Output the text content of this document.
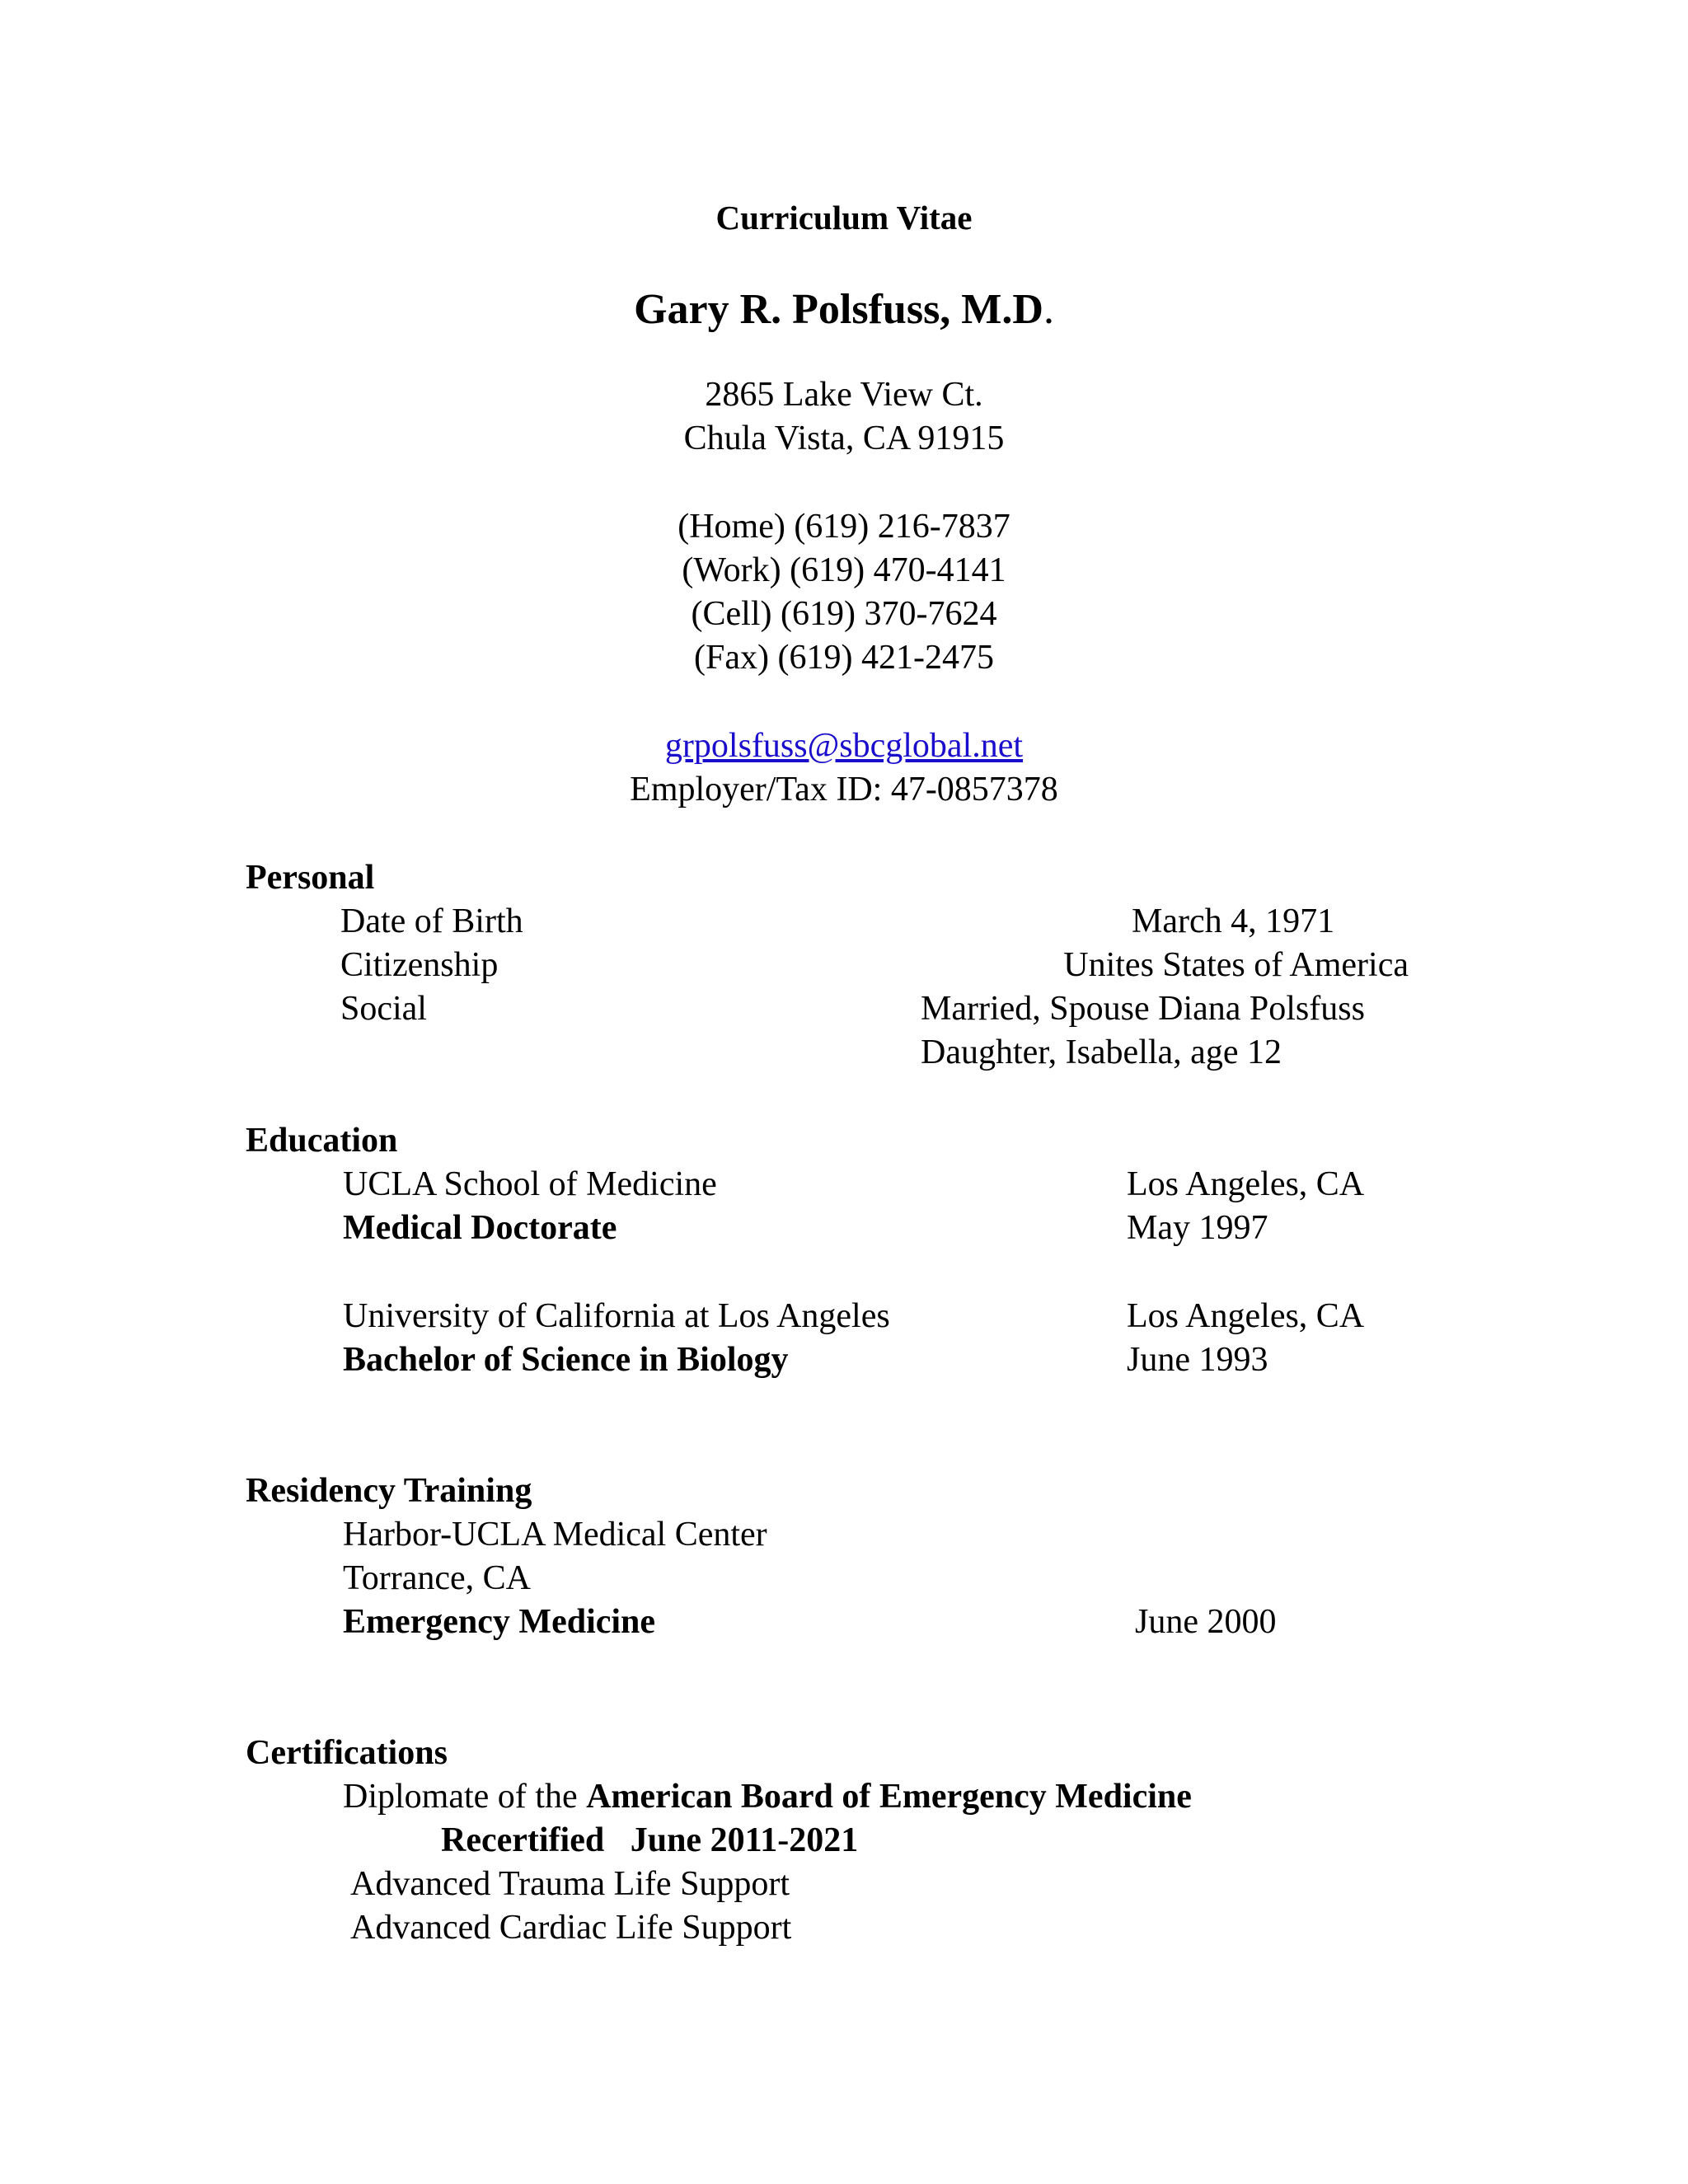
Curriculum Vitae
Gary R. Polsfuss, M.D.
2865 Lake View Ct.
Chula Vista, CA 91915
(Home) (619) 216-7837
(Work) (619) 470-4141
(Cell) (619) 370-7624
(Fax) (619) 421-2475
grpolsfuss@sbcglobal.net
Employer/Tax ID: 47-0857378
Personal
Date of Birth	March 4, 1971
Citizenship	Unites States of America
Social	Married, Spouse Diana Polsfuss
Daughter, Isabella, age 12
Education
UCLA School of Medicine	Los Angeles, CA
Medical Doctorate	May 1997
University of California at Los Angeles	Los Angeles, CA
Bachelor of Science in Biology	June 1993
Residency Training
Harbor-UCLA Medical Center
Torrance, CA
Emergency Medicine	June 2000
Certifications
Diplomate of the American Board of Emergency Medicine
Recertified June 2011-2021
Advanced Trauma Life Support
Advanced Cardiac Life Support
